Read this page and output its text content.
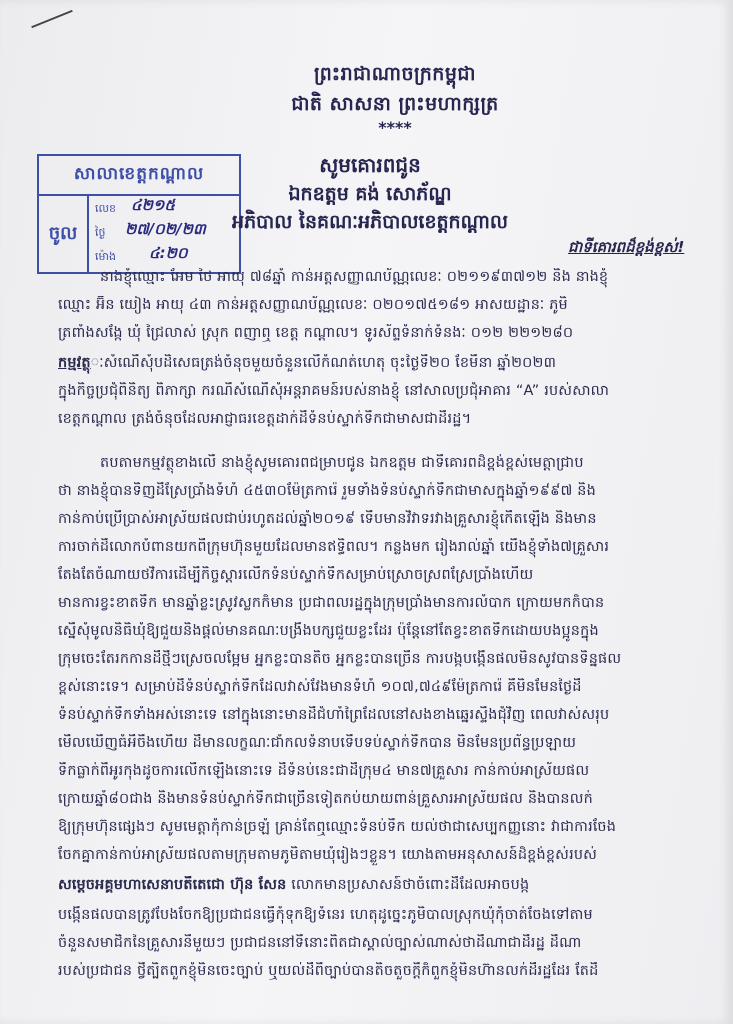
ព្រះរាជាណាចក្រកម្ពុជា
ជាតិ សាសនា ព្រះមហាក្សត្រ
****
សាលាខេត្តកណ្ដាល
ចូល
លេខ
ថ្ងៃ
ម៉ោង
៤២១៥
២៧/០២/២៣
៤:២០
សូមគោរពជូន
ឯកឧត្តម គង់ សោភ័ណ្ឌ
អភិបាល នៃគណៈអភិបាលខេត្តកណ្ដាល
ជាទីគោរពដ៏ខ្ពង់ខ្ពស់!
នាងខ្ញុំឈ្មោះ អែម ថៃ អាយុ ៧៨ឆ្នាំ កាន់អត្តសញ្ញាណប័ណ្ណលេខៈ ០២១១៩៣៧១២ និង នាងខ្ញុំ
ឈ្មោះ អ៊ិន យៀង អាយុ ៤៣ កាន់អត្តសញ្ញាណប័ណ្ណលេខៈ ០២០១៧៥១៨១ អាសយដ្ឋានៈ ភូមិ
ត្រពាំងសង្កែ ឃុំ ជ្រៃលាស់ ស្រុក ពញាឮ ខេត្ត កណ្ដាល។ ទូរស័ព្ទទំនាក់ទំនងៈ ០១២ ២២១២៨០
កម្មវត្ថុៈសំណើសុំបដិសេធត្រង់ចំនុចមួយចំនួនលើកំណត់ហេតុ ចុះថ្ងៃទី២០ ខែមីនា ឆ្នាំ២០២៣
ក្នុងកិច្ចប្រជុំពិនិត្យ ពិភាក្សា ករណីសំណើសុំអន្តរាគមន៍របស់នាងខ្ញុំ នៅសាលប្រជុំអាគារ “A” របស់សាលា
ខេត្តកណ្ដាល ត្រង់ចំនុចដែលអាជ្ញាធរខេត្តដាក់ដីទំនប់ស្ទាក់ទឹកជាមាសជាដីរដ្ឋ។
តបតាមកម្មវត្ថុខាងលើ នាងខ្ញុំសូមគោរពជម្រាបជូន ឯកឧត្តម ជាទីគោរពដ៏ខ្ពង់ខ្ពស់មេត្តាជ្រាប
ថា នាងខ្ញុំបានទិញដីស្រែប្រាំងទំហំ ៤៥៣០ម៉ែត្រការ៉េ រួមទាំងទំនប់ស្ទាក់ទឹកជាមាសក្នុងឆ្នាំ១៩៩៧ និង
កាន់កាប់ប្រើប្រាស់អាស្រ័យផលជាប់រហូតដល់ឆ្នាំ២០១៩ ទើបមានវិវាទរវាងគ្រួសារខ្ញុំកើតឡើង និងមាន
ការចាក់ដីលោកបំពានយកពីក្រុមហ៊ុនមួយដែលមានឥទ្ធិពល។ កន្លងមក រៀងរាល់ឆ្នាំ យើងខ្ញុំទាំង៧គ្រួសារ
តែងតែចំណាយថវិការដើម្បីកិច្ចស្ដារលើកទំនប់ស្ទាក់ទឹកសម្រាប់ស្រោចស្រពស្រែប្រាំងហើយ
មានការខ្វះខាតទឹក មានឆ្នាំខ្លះស្រូវស្លកក៏មាន ប្រជាពលរដ្ឋក្នុងក្រុមប្រាំងមានការលំបាក ក្រោយមកក៏បាន
ស្នើសុំមូលនិធិឃុំឱ្យជួយនិងផ្ដល់មានគណៈបង្រឹងបក្សជួយខ្លះដែរ ប៉ុន្តែនៅតែខ្វះខាតទឹកដោយបងប្អូនក្នុង
ក្រុមចេះតែរកកានដីថ្មីៗស្រេចលម្អែម អ្នកខ្លះបានតិច អ្នកខ្លះបានច្រើន ការបង្កបង្កើនផលមិនសូវបានទិន្នផល
ខ្ពស់នោះទេ។ សម្រាប់ដីទំនប់ស្ទាក់ទឹកដែលវាស់វែងមានទំហំ ១០៧,៧៤៩ម៉ែត្រការ៉េ គឺមិនមែនថ្ងៃដី
ទំនប់ស្ទាក់ទឹកទាំងអស់នោះទេ នៅក្នុងនោះមានដីជំហាំព្រៃដែលនៅសងខាងឆ្នេរស្ទឹងជុំវិញ ពេលវាស់សរុប
មើលឃើញធំអឺចឹងហើយ ដីមានលក្ខណៈជាំកលទំនាបទើបទប់ស្ទាក់ទឹកបាន មិនមែនប្រព័ន្ធប្រឡាយ
ទឹកធ្លាក់ពីអូរកុងដូចការលើកឡើងនោះទេ ដីទំនប់នេះជាដីក្រុម៤ មាន៧គ្រួសារ កាន់កាប់អាស្រ័យផល
ក្រោយឆ្នាំ៨០ជាង និងមានទំនប់ស្ទាក់ទឹកជាច្រើនទៀតកប់យាយពាន់គ្រួសារអាស្រ័យផល និងបានលក់
ឱ្យក្រុមហ៊ុនផ្សេងៗ សូមមេត្តាកុំកាន់ច្រឡំ គ្រាន់តែឮឈ្មោះទំនប់ទឹក យល់ថាជាសេប្បកញ្ញនោះ វាជាការចែង
ចែកគ្នាកាន់កាប់អាស្រ័យផលតាមក្រុមតាមភូមិតាមឃុំរៀងៗខ្លួន។ យោងតាមអនុសាសន៍ដ៏ខ្ពង់ខ្ពស់របស់
សម្ដេចអគ្គមហាសេនាបតីតេជោ ហ៊ុន សែន លោកមានប្រសាសន៍ថាចំពោះដីដែលអាចបង្ក
បង្កើនផលបានត្រូវបែងចែកឱ្យប្រជាជនធ្វើកុំទុកឱ្យទំនេរ ហេតុដូច្នេះភូមិបាលស្រុកឃុំកុំចាត់ចែងទៅតាម
ចំនួនសមាជិកនៃគ្រួសារនីមួយៗ ប្រជាជននៅទីនោះពិតជាស្គាល់ច្បាស់ណាស់ថាដីណាជាដីរដ្ឋ ដីណា
របស់ប្រជាជន ថ្វីត្បិតពួកខ្ញុំមិនចេះច្បាប់ ឬយល់ដីពីច្បាប់បានតិចតួចក្ដីក៏ពួកខ្ញុំមិនហ៊ានលក់ដីរដ្ឋដែរ តែដី
